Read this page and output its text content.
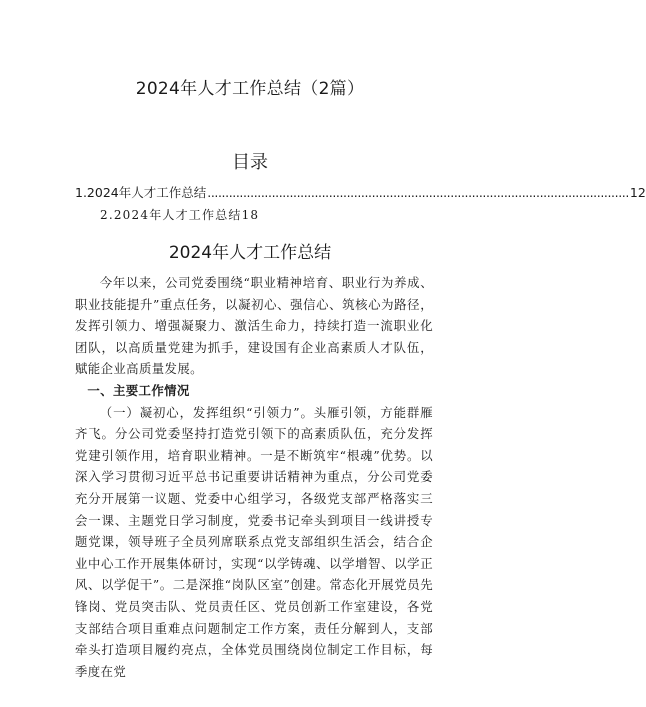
2024年人才工作总结（2篇）
目录
1.2024年人才工作总结 ...................................................................................................................... 12
2.2024年人才工作总结18
2024年人才工作总结

今年以来，公司党委围绕“职业精神培育、职业行为养成、职业技能提升”重点任务，以凝初心、强信心、筑核心为路径，发挥引领力、增强凝聚力、激活生命力，持续打造一流职业化团队，以高质量党建为抓手，建设国有企业高素质人才队伍，赋能企业高质量发展。

一、主要工作情况

（一）凝初心，发挥组织“引领力”。头雁引领，方能群雁齐飞。分公司党委坚持打造党引领下的高素质队伍，充分发挥党建引领作用，培育职业精神。一是不断筑牢“根魂”优势。以深入学习贯彻习近平总书记重要讲话精神为重点，分公司党委充分开展第一议题、党委中心组学习，各级党支部严格落实三会一课、主题党日学习制度，党委书记牵头到项目一线讲授专题党课，领导班子全员列席联系点党支部组织生活会，结合企业中心工作开展集体研讨，实现“以学铸魂、以学增智、以学正风、以学促干”。二是深推“岗队区室”创建。常态化开展党员先锋岗、党员突击队、党员责任区、党员创新工作室建设，各党支部结合项目重难点问题制定工作方案，责任分解到人，支部牵头打造项目履约亮点，全体党员围绕岗位制定工作目标，每季度在党
